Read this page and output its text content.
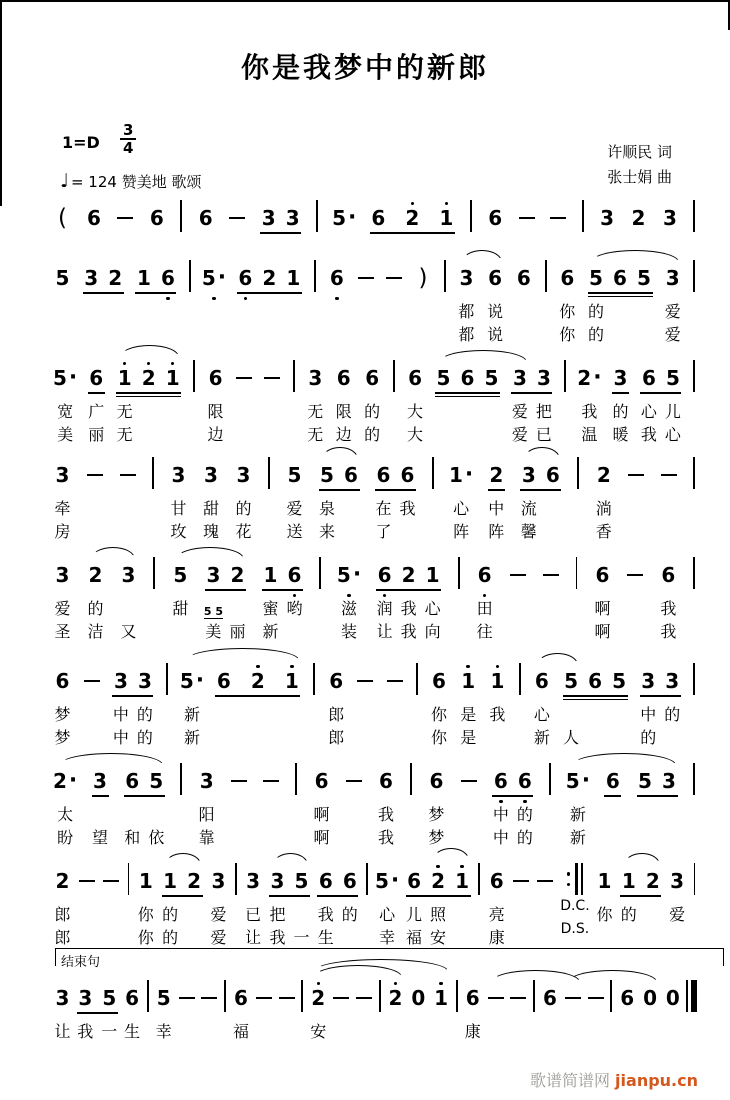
你是我梦中的新郎
$1=D \frac{3}{4}$
♩ = 124 赞美地 歌颂
许顺民 词
张士娟 曲
( 6 6 6 3 3 5 · 6 2 1 6	3 2 3
5 3 2 1 6 5 · 6 2 1 6	) 3
都
都
6
说
说
6 6
你
你
5
的
的
6 5 3
爱
爱
5 ·
宽
美
6
广
丽
1
无
无
2 1 6
限
边
3
无
无
6
限
边
6
的
的
6
大
大
5 6 5 3
爱
爱
3
把
已
2 ·
我
温
3
的
暖
6
心
我
5
儿
心
3
牵
房
3
甘
玫
3
甜
瑰
3
的
花
5
爱
送
5
泉
来
6 6
在
了
6
我
1 ·
心
阵
2
中
阵
3
流
馨
6 2
淌
香
3
爱
圣
2
的
洁
3
又
5
甜
3
5 5
美
2
丽
1
蜜
新
6
哟
5 ·
滋
装
6
润
让
2
我
我
1
心
向
6
田
往
6
啊
啊
6
我
我
6
梦
梦
3
中
中
3
的
的
5 ·
新
新
6 2 1 6
郎
郎
6
你
你
1
是
是
1
我
6
心
新
5
人
6 5 3
中
的
3
的
2 ·
太
盼
3
望
6
和
5
依
3
阳
靠
6
啊
啊
6
我
我
6
梦
梦
6
中
中
6
的
的
5 ·
新
新
6 5 3
2
郎
郎
1
你
你
1
的
的
2 3
爱
爱
3
已
让
3
把
我
5
一
6
我
生
6
的
5 ·
心
幸
6
儿
福
2
照
安
1 6
亮
康
D.C.
D.S.
1
你
1
的
2 3
爱
3
让
3
我
5
一
6
生
5
幸
6
福
2
安
2 0 1 6
康
6	6 0 0
结束句
歌谱简谱网 jianpu.cn
